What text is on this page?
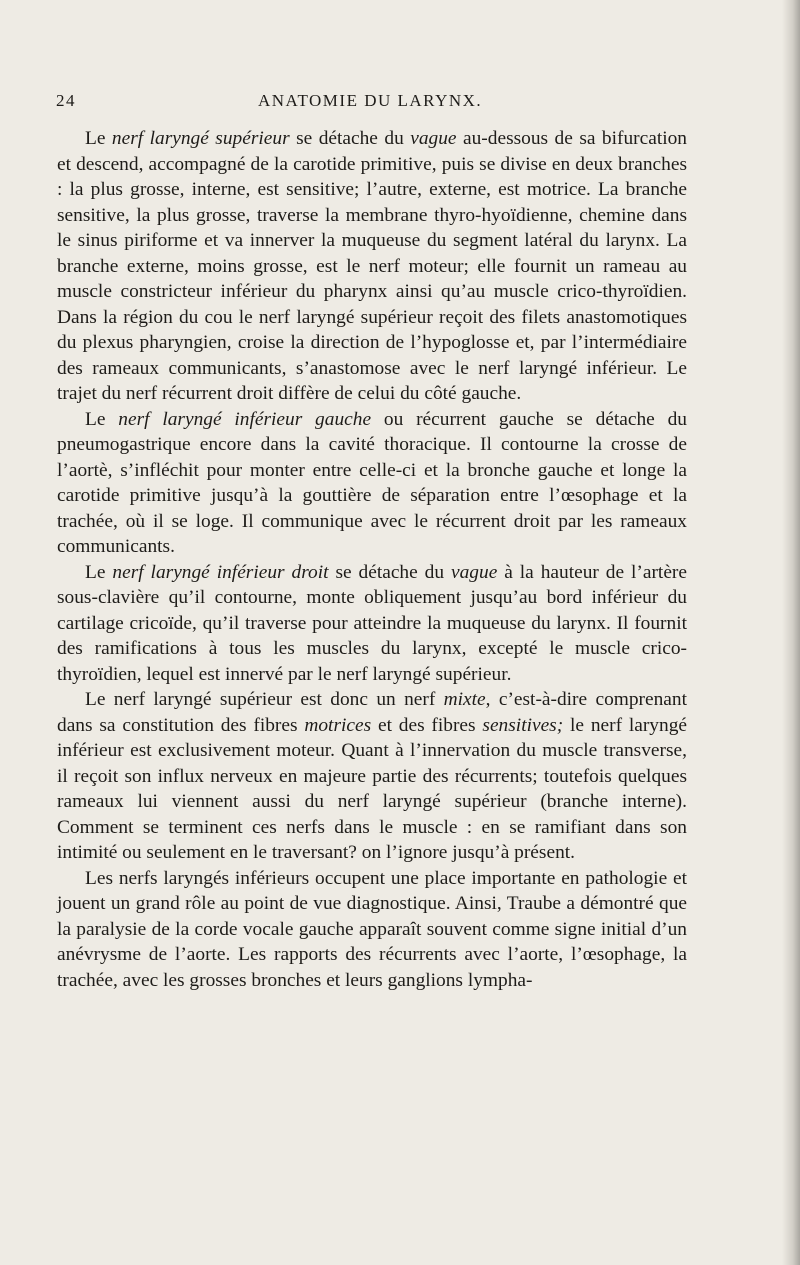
24	ANATOMIE DU LARYNX.

Le nerf laryngé supérieur se détache du vague au-dessous de sa bifurcation et descend, accompagné de la carotide primitive, puis se divise en deux branches : la plus grosse, interne, est sensitive; l’autre, externe, est motrice. La branche sensitive, la plus grosse, traverse la membrane thyro-hyoïdienne, chemine dans le sinus piriforme et va innerver la muqueuse du segment latéral du larynx. La branche externe, moins grosse, est le nerf moteur; elle fournit un rameau au muscle constricteur inférieur du pharynx ainsi qu’au muscle crico-thyroïdien. Dans la région du cou le nerf laryngé supérieur reçoit des filets anastomotiques du plexus pharyngien, croise la direction de l’hypoglosse et, par l’intermédiaire des rameaux communicants, s’anastomose avec le nerf laryngé inférieur. Le trajet du nerf récurrent droit diffère de celui du côté gauche.

Le nerf laryngé inférieur gauche ou récurrent gauche se détache du pneumogastrique encore dans la cavité thoracique. Il contourne la crosse de l’aortè, s’infléchit pour monter entre celle-ci et la bronche gauche et longe la carotide primitive jusqu’à la gouttière de séparation entre l’œsophage et la trachée, où il se loge. Il communique avec le récurrent droit par les rameaux communicants.

Le nerf laryngé inférieur droit se détache du vague à la hauteur de l’artère sous-clavière qu’il contourne, monte obliquement jusqu’au bord inférieur du cartilage cricoïde, qu’il traverse pour atteindre la muqueuse du larynx. Il fournit des ramifications à tous les muscles du larynx, excepté le muscle crico-thyroïdien, lequel est innervé par le nerf laryngé supérieur.

Le nerf laryngé supérieur est donc un nerf mixte, c’est-à-dire comprenant dans sa constitution des fibres motrices et des fibres sensitives; le nerf laryngé inférieur est exclusivement moteur. Quant à l’innervation du muscle transverse, il reçoit son influx nerveux en majeure partie des récurrents; toutefois quelques rameaux lui viennent aussi du nerf laryngé supérieur (branche interne). Comment se terminent ces nerfs dans le muscle : en se ramifiant dans son intimité ou seulement en le traversant? on l’ignore jusqu’à présent.

Les nerfs laryngés inférieurs occupent une place importante en pathologie et jouent un grand rôle au point de vue diagnostique. Ainsi, Traube a démontré que la paralysie de la corde vocale gauche apparaît souvent comme signe initial d’un anévrysme de l’aorte. Les rapports des récurrents avec l’aorte, l’œsophage, la trachée, avec les grosses bronches et leurs ganglions lympha-
